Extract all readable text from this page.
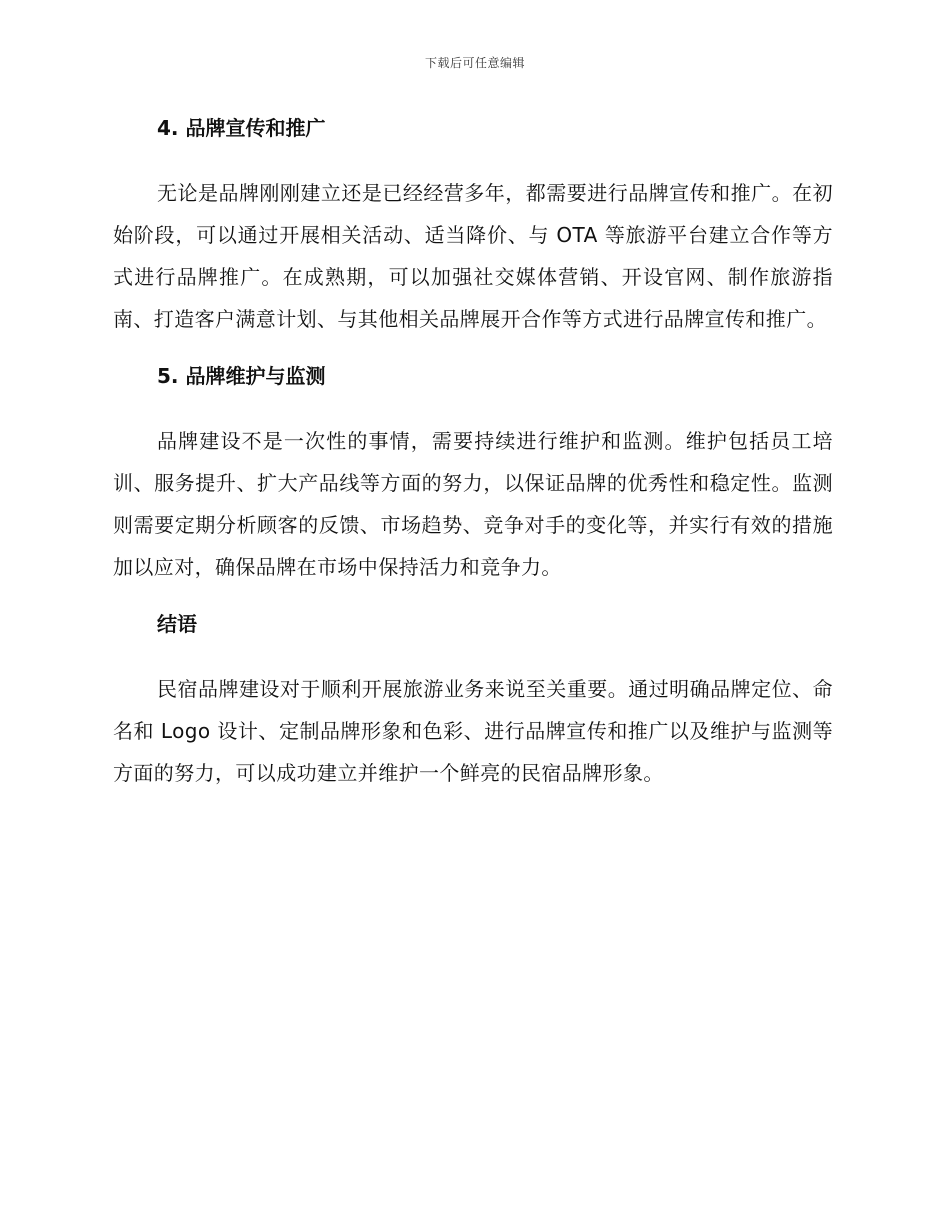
下载后可任意编辑
4. 品牌宣传和推广

无论是品牌刚刚建立还是已经经营多年，都需要进行品牌宣传和推广。在初始阶段，可以通过开展相关活动、适当降价、与 OTA 等旅游平台建立合作等方式进行品牌推广。在成熟期，可以加强社交媒体营销、开设官网、制作旅游指南、打造客户满意计划、与其他相关品牌展开合作等方式进行品牌宣传和推广。

5. 品牌维护与监测

品牌建设不是一次性的事情，需要持续进行维护和监测。维护包括员工培训、服务提升、扩大产品线等方面的努力，以保证品牌的优秀性和稳定性。监测则需要定期分析顾客的反馈、市场趋势、竞争对手的变化等，并实行有效的措施加以应对，确保品牌在市场中保持活力和竞争力。

结语

民宿品牌建设对于顺利开展旅游业务来说至关重要。通过明确品牌定位、命名和 Logo 设计、定制品牌形象和色彩、进行品牌宣传和推广以及维护与监测等方面的努力，可以成功建立并维护一个鲜亮的民宿品牌形象。
